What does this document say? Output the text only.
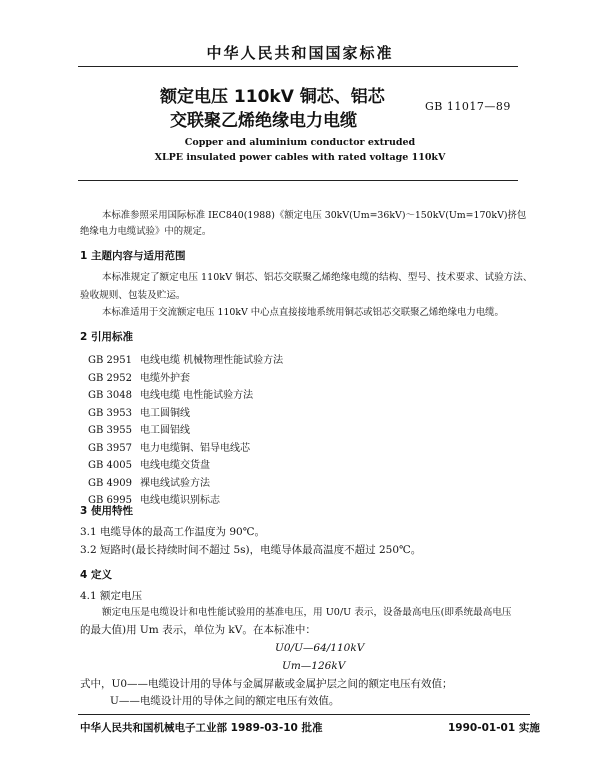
中华人民共和国国家标准
额定电压 110kV 铜芯、铝芯
交联聚乙烯绝缘电力电缆
GB 11017—89
Copper and aluminium conductor extruded
XLPE insulated power cables with rated voltage 110kV
本标准参照采用国际标准 IEC840(1988)《额定电压 30kV(Um=36kV)～150kV(Um=170kV)挤包
绝缘电力电缆试验》中的规定。
1 主题内容与适用范围
本标准规定了额定电压 110kV 铜芯、铝芯交联聚乙烯绝缘电缆的结构、型号、技术要求、试验方法、
验收规则、包装及贮运。
本标准适用于交流额定电压 110kV 中心点直接接地系统用铜芯或铝芯交联聚乙烯绝缘电力电缆。
2 引用标准
GB 2951 电线电缆 机械物理性能试验方法
GB 2952 电缆外护套
GB 3048 电线电缆 电性能试验方法
GB 3953 电工圆铜线
GB 3955 电工圆铝线
GB 3957 电力电缆铜、铝导电线芯
GB 4005 电线电缆交货盘
GB 4909 裸电线试验方法
GB 6995 电线电缆识别标志
3 使用特性
3.1 电缆导体的最高工作温度为 90℃。
3.2 短路时(最长持续时间不超过 5s)，电缆导体最高温度不超过 250℃。
4 定义
4.1 额定电压
额定电压是电缆设计和电性能试验用的基准电压，用 U0/U 表示，设备最高电压(即系统最高电压
的最大值)用 Um 表示，单位为 kV。在本标准中：
U0/U—64/110kV
Um—126kV
式中，U0——电缆设计用的导体与金属屏蔽或金属护层之间的额定电压有效值；
U——电缆设计用的导体之间的额定电压有效值。
中华人民共和国机械电子工业部 1989-03-10 批准	1990-01-01 实施
